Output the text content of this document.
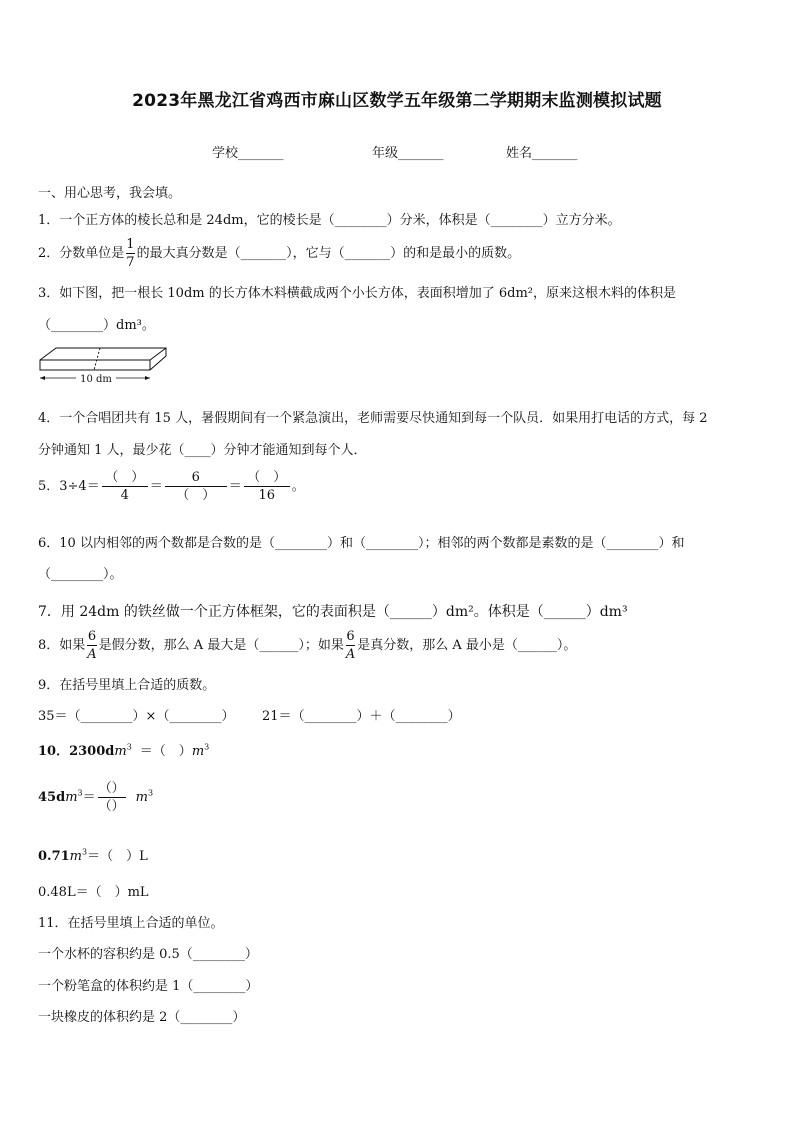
2023年黑龙江省鸡西市麻山区数学五年级第二学期期末监测模拟试题
学校_______	年级_______	姓名_______
一、用心思考，我会填。
1．一个正方体的棱长总和是 24dm，它的棱长是（________）分米，体积是（________）立方分米。
2．分数单位是 $\frac{1}{7}$ 的最大真分数是（_______），它与（_______）的和是最小的质数。
3．如下图，把一根长 10dm 的长方体木料横截成两个小长方体，表面积增加了 6dm²，原来这根木料的体积是
（________）dm³。
10 dm
4．一个合唱团共有 15 人，暑假期间有一个紧急演出，老师需要尽快通知到每一个队员．如果用打电话的方式，每 2
分钟通知 1 人，最少花（____）分钟才能通知到每个人．
5．$3\div 4= \frac{( )}{4} = \frac{6}{( )} = \frac{( )}{16}$ 。
6．10 以内相邻的两个数都是合数的是（________）和（________）；相邻的两个数都是素数的是（________）和
（________）。
7．用 24dm 的铁丝做一个正方体框架，它的表面积是（______）dm²。体积是（______）dm³
8．如果 $\frac{6}{A}$ 是假分数，那么 A 最大是（______）；如果 $\frac{6}{A}$ 是真分数，那么 A 最小是（______）。
9．在括号里填上合适的质数。
35＝（________）×（________） 21＝（________）＋（________）
10．$2300dm^3$ ＝（　）$m^3$
$45dm^3= \frac{()}{()} m^3$
$0.71m^3=$（　）L
0.48L＝（　）mL
11．在括号里填上合适的单位。
一个水杯的容积约是 0.5（________）
一个粉笔盒的体积约是 1（________）
一块橡皮的体积约是 2（________）
